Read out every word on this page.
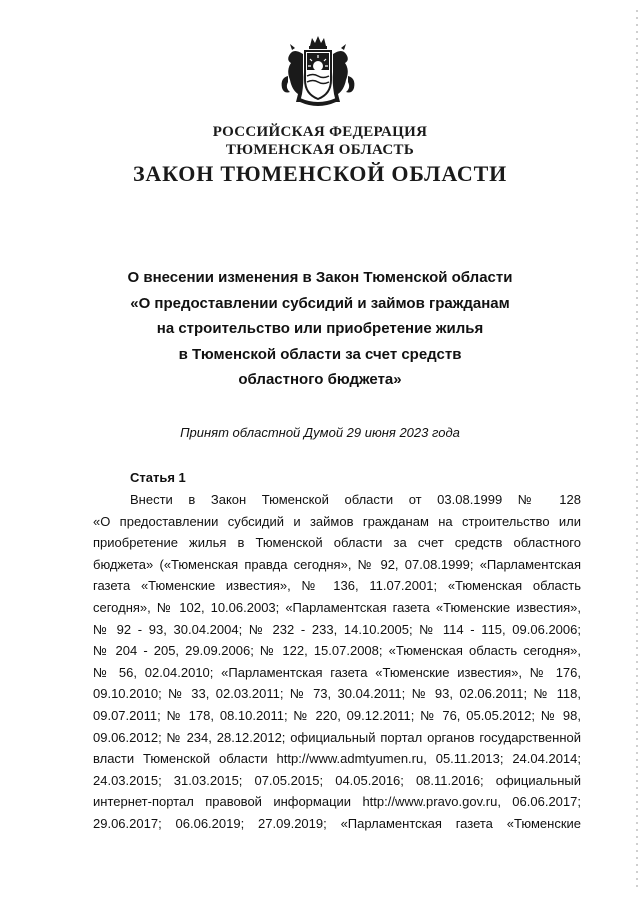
РОССИЙСКАЯ ФЕДЕРАЦИЯ
ТЮМЕНСКАЯ ОБЛАСТЬ
ЗАКОН ТЮМЕНСКОЙ ОБЛАСТИ
О внесении изменения в Закон Тюменской области
«О предоставлении субсидий и займов гражданам
на строительство или приобретение жилья
в Тюменской области за счет средств
областного бюджета»
Принят областной Думой 29 июня 2023 года
Статья 1
Внести в Закон Тюменской области от 03.08.1999 № 128
«О предоставлении субсидий и займов гражданам на строительство или
приобретение жилья в Тюменской области за счет средств областного
бюджета» («Тюменская правда сегодня», № 92, 07.08.1999; «Парламентская
газета «Тюменские известия», № 136, 11.07.2001; «Тюменская область
сегодня», № 102, 10.06.2003; «Парламентская газета «Тюменские известия»,
№ 92 - 93, 30.04.2004; № 232 - 233, 14.10.2005; № 114 - 115, 09.06.2006;
№ 204 - 205, 29.09.2006; № 122, 15.07.2008; «Тюменская область сегодня»,
№ 56, 02.04.2010; «Парламентская газета «Тюменские известия», № 176,
09.10.2010; № 33, 02.03.2011; № 73, 30.04.2011; № 93, 02.06.2011; № 118,
09.07.2011; № 178, 08.10.2011; № 220, 09.12.2011; № 76, 05.05.2012; № 98,
09.06.2012; № 234, 28.12.2012; официальный портал органов государственной
власти Тюменской области http://www.admtyumen.ru, 05.11.2013; 24.04.2014;
24.03.2015; 31.03.2015; 07.05.2015; 04.05.2016; 08.11.2016; официальный
интернет-портал правовой информации http://www.pravo.gov.ru, 06.06.2017;
29.06.2017; 06.06.2019; 27.09.2019; «Парламентская газета «Тюменские
